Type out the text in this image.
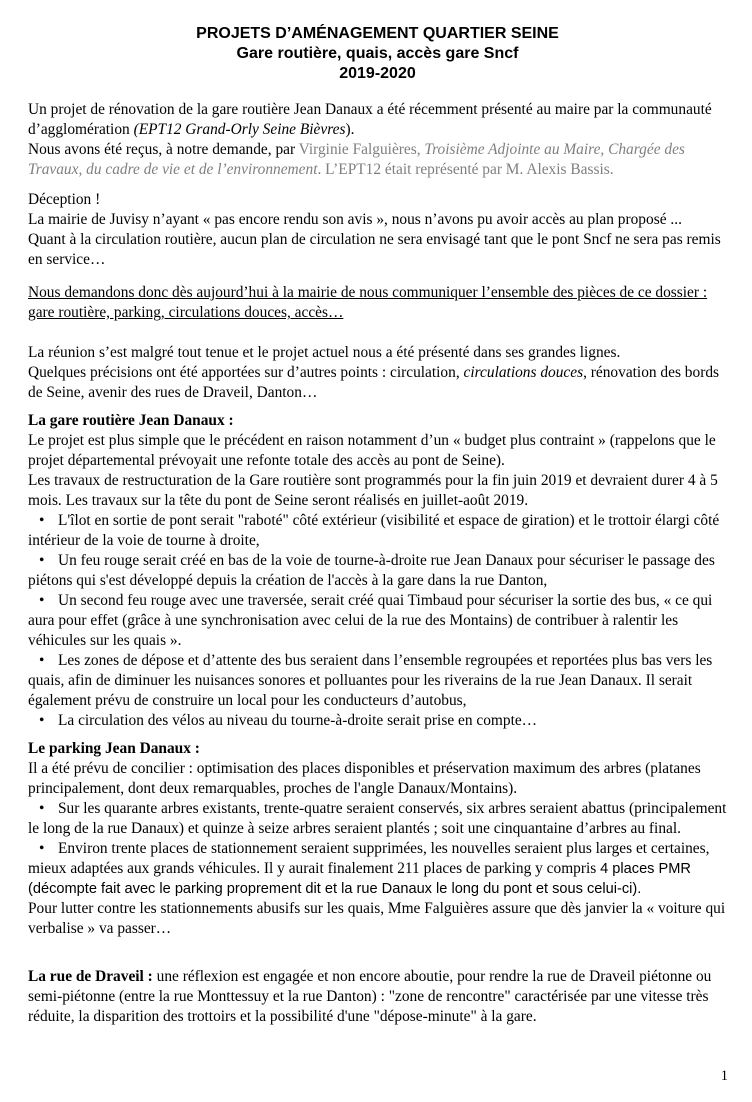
PROJETS D’AMÉNAGEMENT QUARTIER SEINE
Gare routière, quais, accès gare Sncf
2019-2020

Un projet de rénovation de la gare routière Jean Danaux a été récemment présenté au maire par la communauté d’agglomération (EPT12 Grand-Orly Seine Bièvres).

Nous avons été reçus, à notre demande, par Virginie Falguières, Troisième Adjointe au Maire, Chargée des Travaux, du cadre de vie et de l’environnement. L’EPT12 était représenté par M. Alexis Bassis.

Déception !

La mairie de Juvisy n’ayant « pas encore rendu son avis », nous n’avons pu avoir accès au plan proposé ...

Quant à la circulation routière, aucun plan de circulation ne sera envisagé tant que le pont Sncf ne sera pas remis en service…

Nous demandons donc dès aujourd’hui à la mairie de nous communiquer l’ensemble des pièces de ce dossier : gare routière, parking, circulations douces, accès…

La réunion s’est malgré tout tenue et le projet actuel nous a été présenté dans ses grandes lignes.

Quelques précisions ont été apportées sur d’autres points : circulation, circulations douces, rénovation des bords de Seine, avenir des rues de Draveil, Danton…

La gare routière Jean Danaux :

Le projet est plus simple que le précédent en raison notamment d’un « budget plus contraint » (rappelons que le projet départemental prévoyait une refonte totale des accès au pont de Seine).

Les travaux de restructuration de la Gare routière sont programmés pour la fin juin 2019 et devraient durer 4 à 5 mois. Les travaux sur la tête du pont de Seine seront réalisés en juillet-août 2019.

• L'îlot en sortie de pont serait "raboté" côté extérieur (visibilité et espace de giration) et le trottoir élargi côté intérieur de la voie de tourne à droite,

• Un feu rouge serait créé en bas de la voie de tourne-à-droite rue Jean Danaux pour sécuriser le passage des piétons qui s'est développé depuis la création de l'accès à la gare dans la rue Danton,

• Un second feu rouge avec une traversée, serait créé quai Timbaud pour sécuriser la sortie des bus, « ce qui aura pour effet (grâce à une synchronisation avec celui de la rue des Montains) de contribuer à ralentir les véhicules sur les quais ».

• Les zones de dépose et d’attente des bus seraient dans l’ensemble regroupées et reportées plus bas vers les quais, afin de diminuer les nuisances sonores et polluantes pour les riverains de la rue Jean Danaux. Il serait également prévu de construire un local pour les conducteurs d’autobus,

• La circulation des vélos au niveau du tourne-à-droite serait prise en compte…

Le parking Jean Danaux :

Il a été prévu de concilier : optimisation des places disponibles et préservation maximum des arbres (platanes principalement, dont deux remarquables, proches de l'angle Danaux/Montains).

• Sur les quarante arbres existants, trente-quatre seraient conservés, six arbres seraient abattus (principalement le long de la rue Danaux) et quinze à seize arbres seraient plantés ; soit une cinquantaine d’arbres au final.

• Environ trente places de stationnement seraient supprimées, les nouvelles seraient plus larges et certaines, mieux adaptées aux grands véhicules. Il y aurait finalement 211 places de parking y compris 4 places PMR (décompte fait avec le parking proprement dit et la rue Danaux le long du pont et sous celui-ci).

Pour lutter contre les stationnements abusifs sur les quais, Mme Falguières assure que dès janvier la « voiture qui verbalise » va passer…

La rue de Draveil : une réflexion est engagée et non encore aboutie, pour rendre la rue de Draveil piétonne ou semi-piétonne (entre la rue Monttessuy et la rue Danton) : "zone de rencontre" caractérisée par une vitesse très réduite, la disparition des trottoirs et la possibilité d'une "dépose-minute" à la gare.

1
